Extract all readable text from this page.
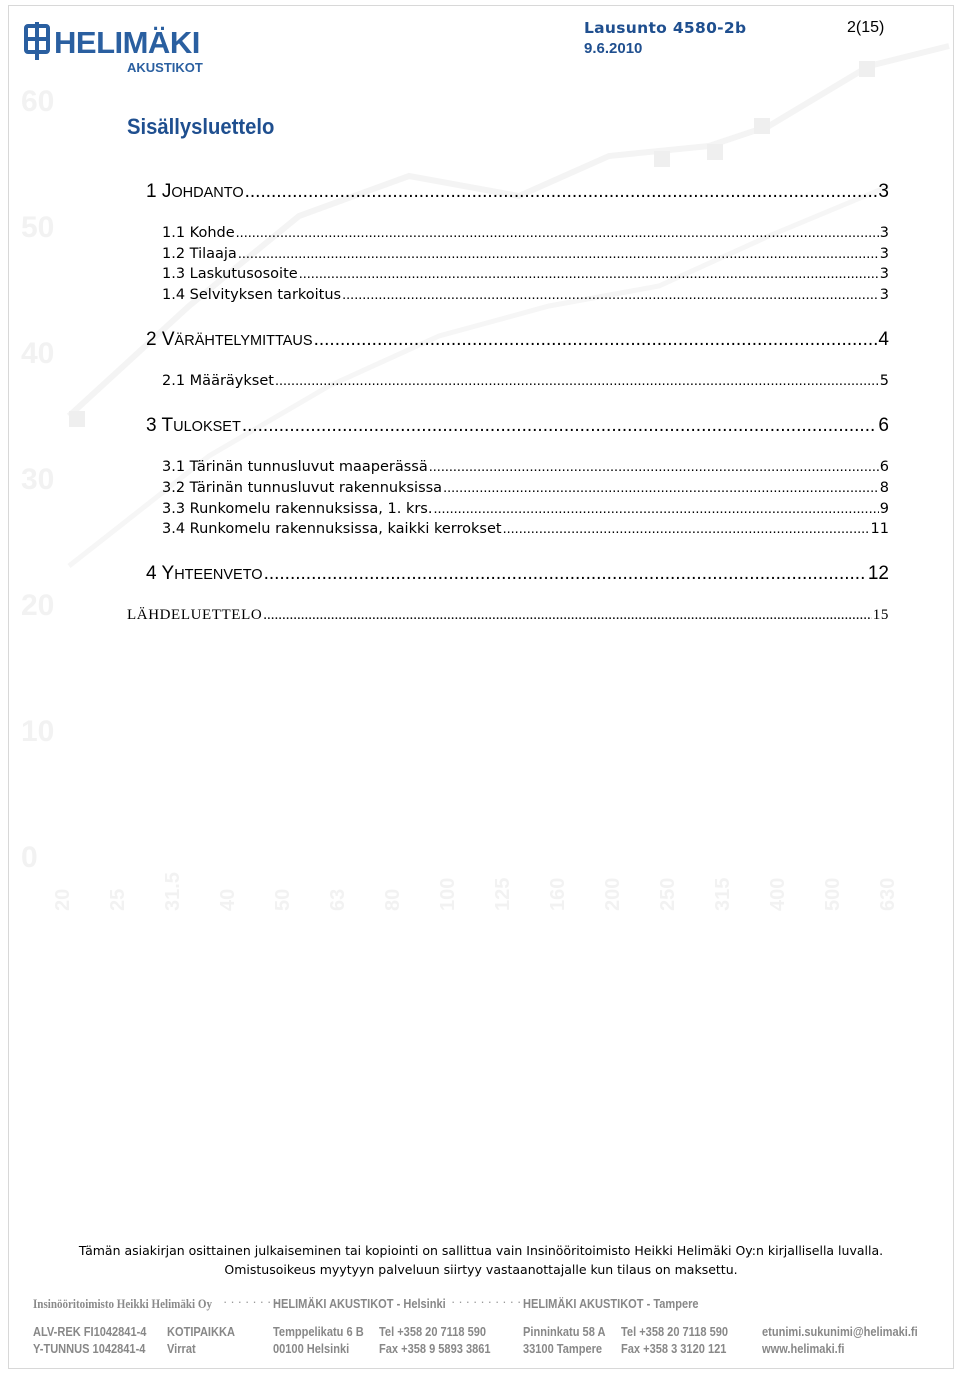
60
50
40
30
20
10
0
20 25 31.5 40 50 63 80 100 125 160 200 250 315 400 500 630
HELIMÄKI
AKUSTIKOT
Lausunto 4580-2b
9.6.2010
2(15)
Sisällysluettelo
1 JOHDANTO .....	3
1.1 Kohde .....	3
1.2 Tilaaja .....	3
1.3 Laskutusosoite .....	3
1.4 Selvityksen tarkoitus .....	3
2 VÄRÄHTELYMITTAUS .....	4
2.1 Määräykset .....	5
3 TULOKSET .....	6
3.1 Tärinän tunnusluvut maaperässä .....	6
3.2 Tärinän tunnusluvut rakennuksissa .....	8
3.3 Runkomelu rakennuksissa, 1. krs. .....	9
3.4 Runkomelu rakennuksissa, kaikki kerrokset .....	11
4 YHTEENVETO .....	12
LÄHDELUETTELO .....	15
Tämän asiakirjan osittainen julkaiseminen tai kopiointi on sallittua vain Insinööritoimisto Heikki Helimäki Oy:n kirjallisella luvalla.
Omistusoikeus myytyyn palveluun siirtyy vastaanottajalle kun tilaus on maksettu.
Insinööritoimisto Heikki Helimäki Oy ········
HELIMÄKI AKUSTIKOT - Helsinki ··········
HELIMÄKI AKUSTIKOT - Tampere
ALV-REK FI1042841-4
Y-TUNNUS 1042841-4
KOTIPAIKKA
Virrat
Temppelikatu 6 B
00100 Helsinki
Tel +358 20 7118 590
Fax +358 9 5893 3861
Pinninkatu 58 A
33100 Tampere
Tel +358 20 7118 590
Fax +358 3 3120 121
etunimi.sukunimi@helimaki.fi
www.helimaki.fi
